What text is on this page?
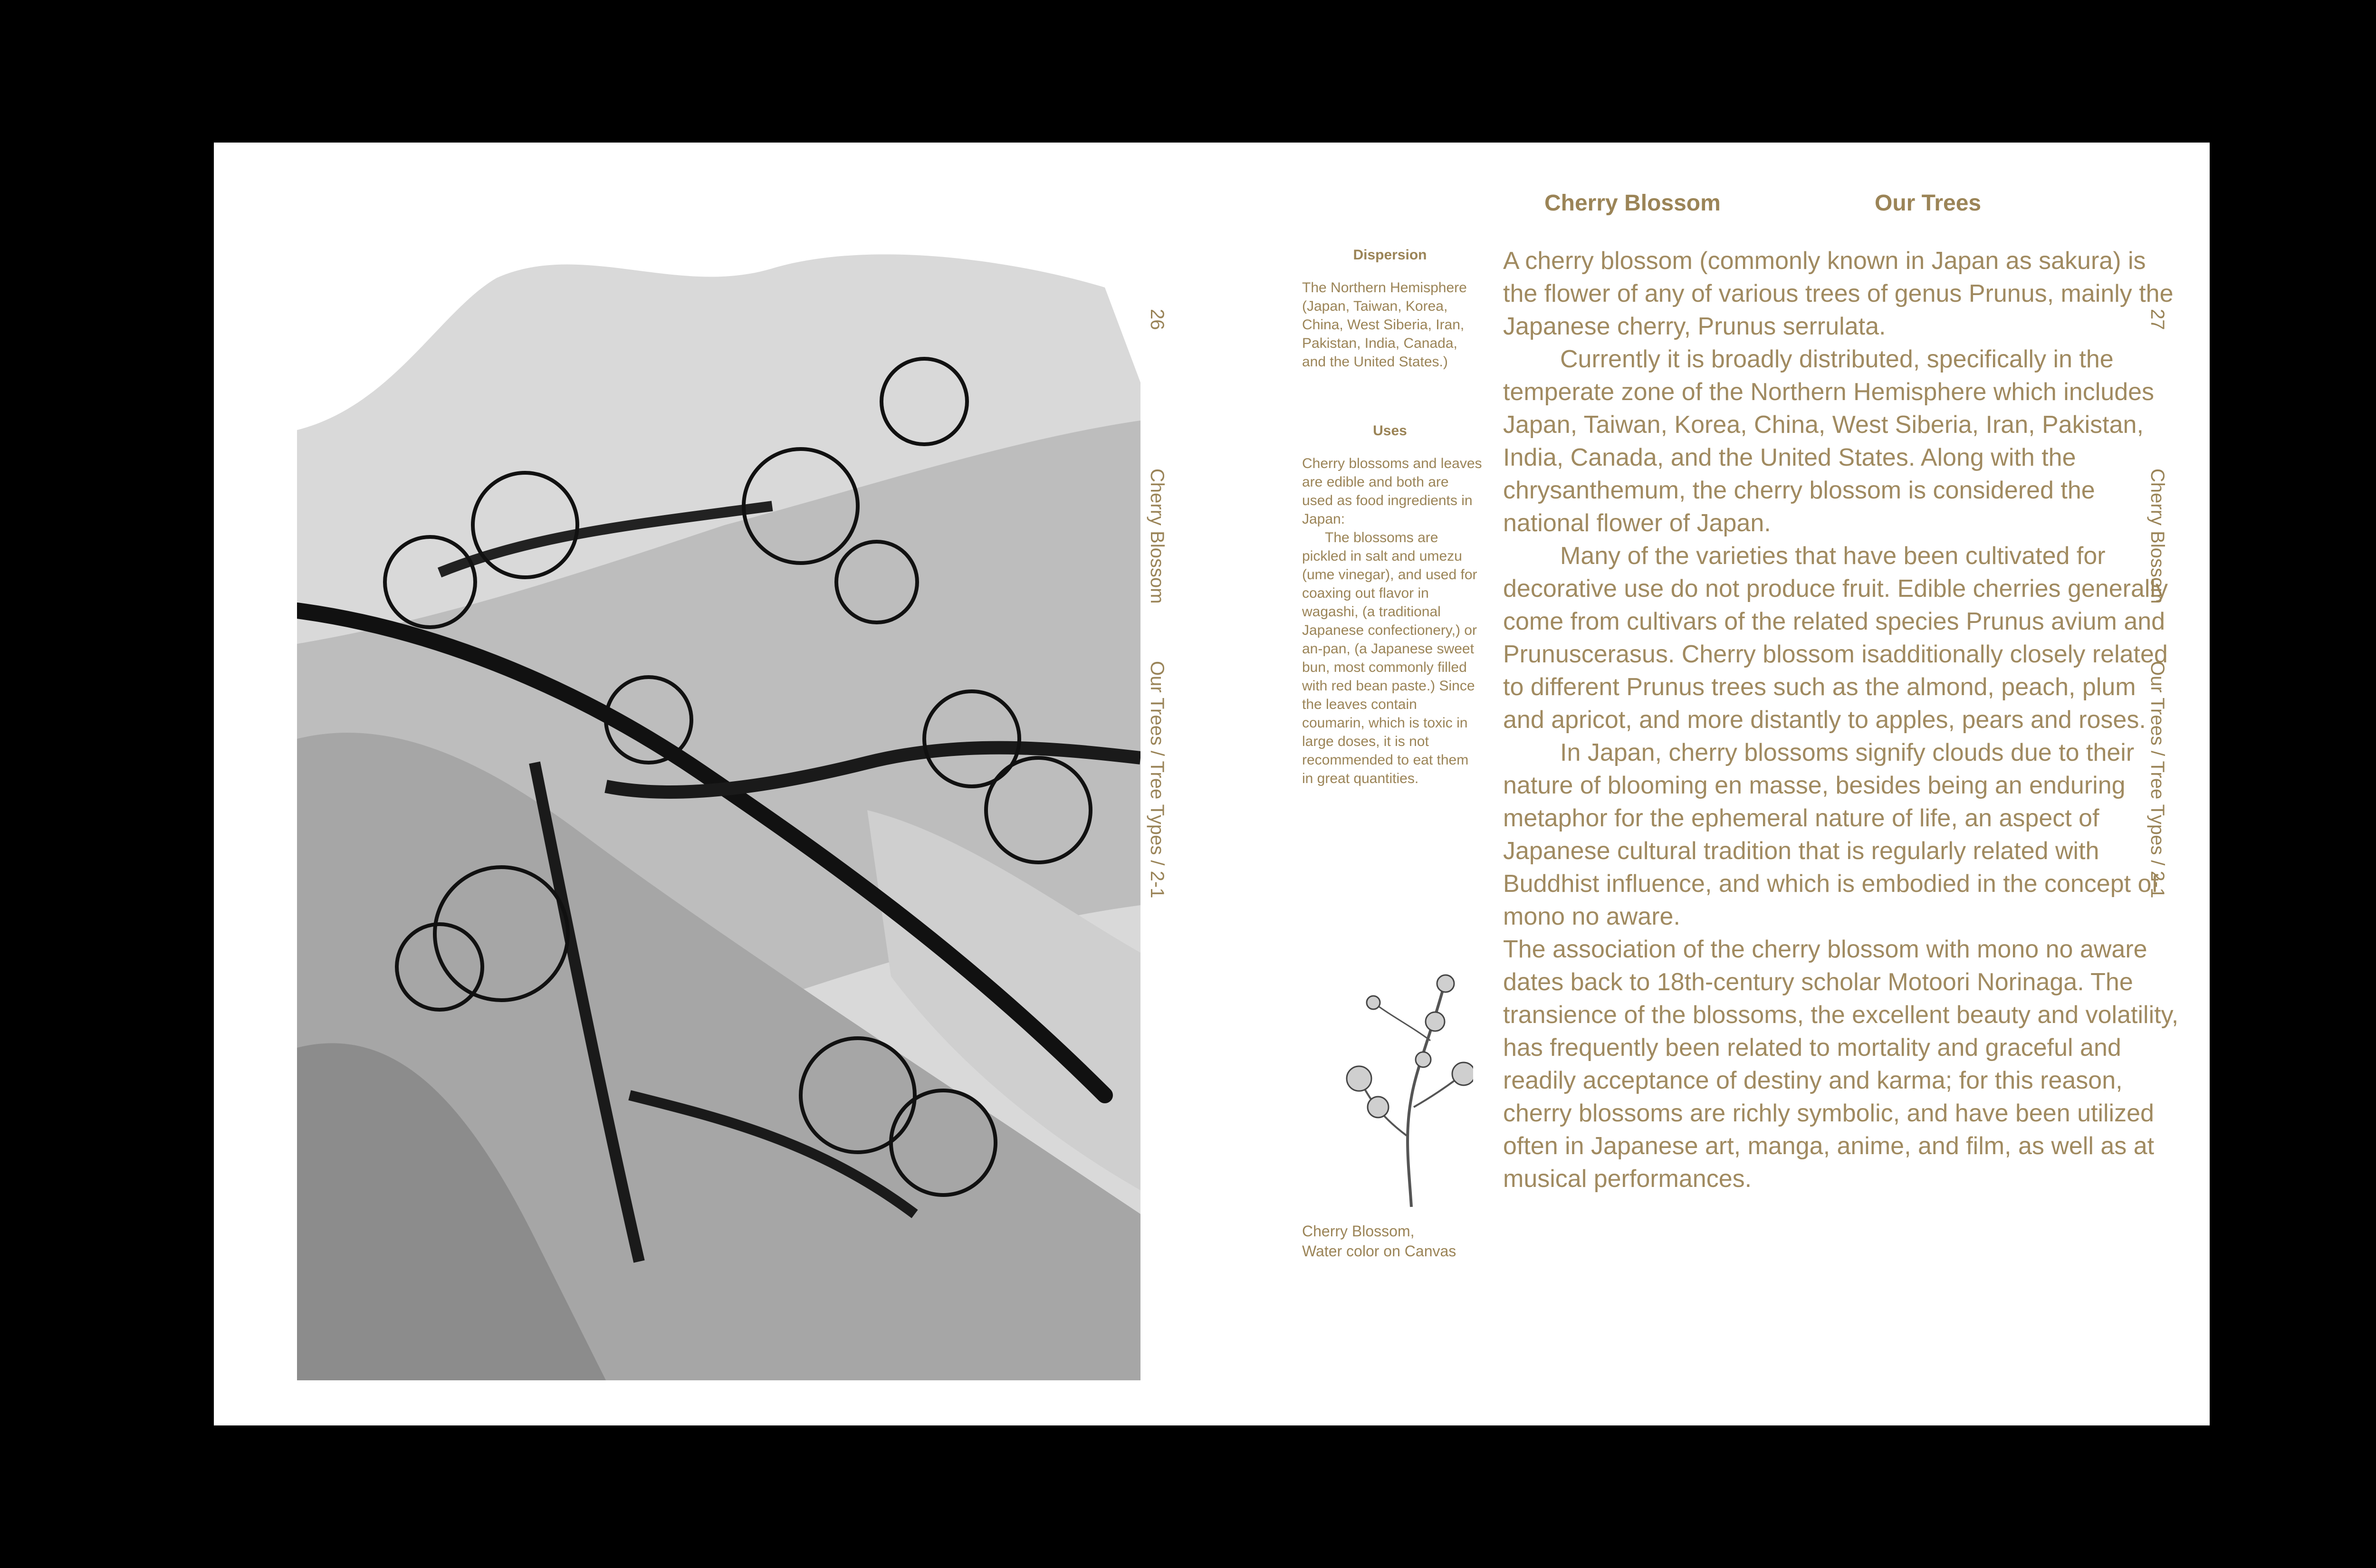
26 Cherry Blossom Our Trees / Tree Types / 2-1
Cherry Blossom	Our Trees
Dispersion
The Northern Hemisphere (Japan, Taiwan, Korea, China, West Siberia, Iran, Pakistan, India, Canada, and the United States.)
Uses

Cherry blossoms and leaves are edible and both are used as food ingredients in Japan:

The blossoms are pickled in salt and umezu (ume vinegar), and used for coaxing out flavor in wagashi, (a traditional Japanese confectionery,) or an-pan, (a Japanese sweet bun, most commonly filled with red bean paste.) Since the leaves contain coumarin, which is toxic in large doses, it is not recommended to eat them in great quantities.

Cherry Blossom,
Water color on Canvas

A cherry blossom (commonly known in Japan as sakura) is the flower of any of various trees of genus Prunus, mainly the Japanese cherry, Prunus serrulata.

Currently it is broadly distributed, specifically in the temperate zone of the Northern Hemisphere which includes Japan, Taiwan, Korea, China, West Siberia, Iran, Pakistan, India, Canada, and the United States. Along with the chrysanthemum, the cherry blossom is considered the national flower of Japan.

Many of the varieties that have been cultivated for decorative use do not produce fruit. Edible cherries generally come from cultivars of the related species Prunus avium and Prunuscerasus. Cherry blossom isadditionally closely related to different Prunus trees such as the almond, peach, plum and apricot, and more distantly to apples, pears and roses.

In Japan, cherry blossoms signify clouds due to their nature of blooming en masse, besides being an enduring metaphor for the ephemeral nature of life, an aspect of Japanese cultural tradition that is regularly related with Buddhist influence, and which is embodied in the concept of mono no aware.

The association of the cherry blossom with mono no aware dates back to 18th-century scholar Motoori Norinaga. The transience of the blossoms, the excellent beauty and volatility, has frequently been related to mortality and graceful and readily acceptance of destiny and karma; for this reason, cherry blossoms are richly symbolic, and have been utilized often in Japanese art, manga, anime, and film, as well as at musical performances.

27 Cherry Blossom Our Trees / Tree Types / 2-1
